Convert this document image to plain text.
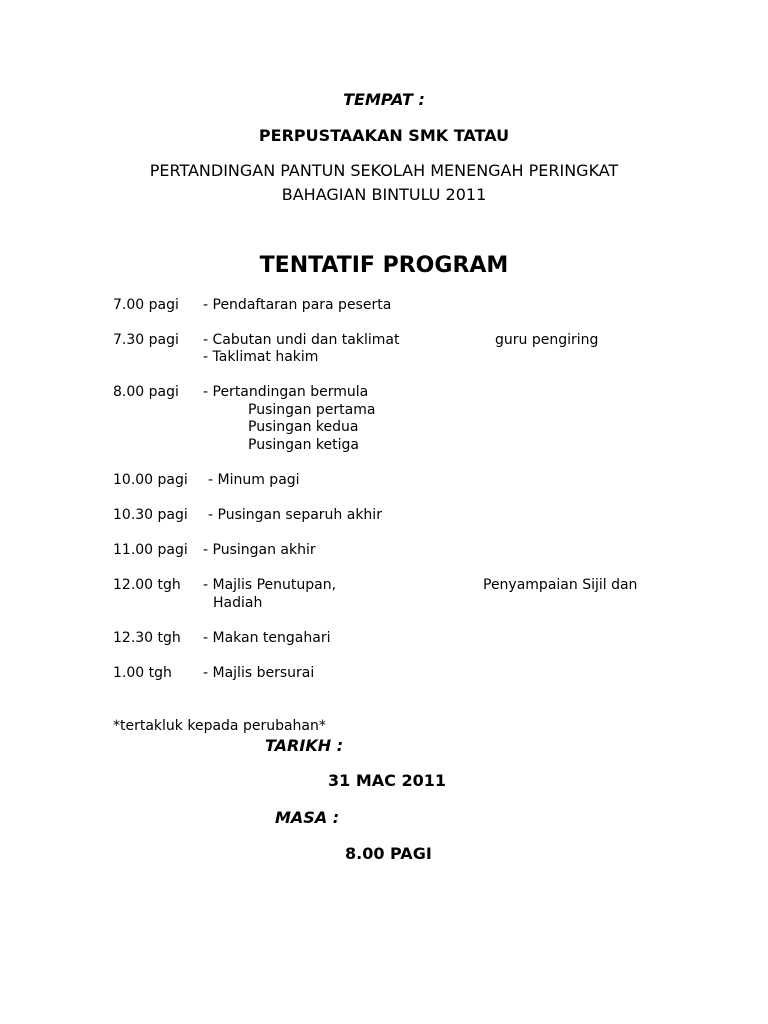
TEMPAT :
PERPUSTAAKAN SMK TATAU
PERTANDINGAN PANTUN SEKOLAH MENENGAH PERINGKAT
BAHAGIAN BINTULU 2011
TENTATIF PROGRAM
7.00 pagi - Pendaftaran para peserta
7.30 pagi - Cabutan undi dan taklimat	guru pengiring
- Taklimat hakim
8.00 pagi - Pertandingan bermula
Pusingan pertama
Pusingan kedua
Pusingan ketiga
10.00 pagi - Minum pagi
10.30 pagi - Pusingan separuh akhir
11.00 pagi - Pusingan akhir
12.00 tgh - Majlis Penutupan,	Penyampaian Sijil dan
Hadiah
12.30 tgh - Makan tengahari
1.00 tgh - Majlis bersurai
*tertakluk kepada perubahan*
TARIKH :
31 MAC 2011
MASA :
8.00 PAGI
